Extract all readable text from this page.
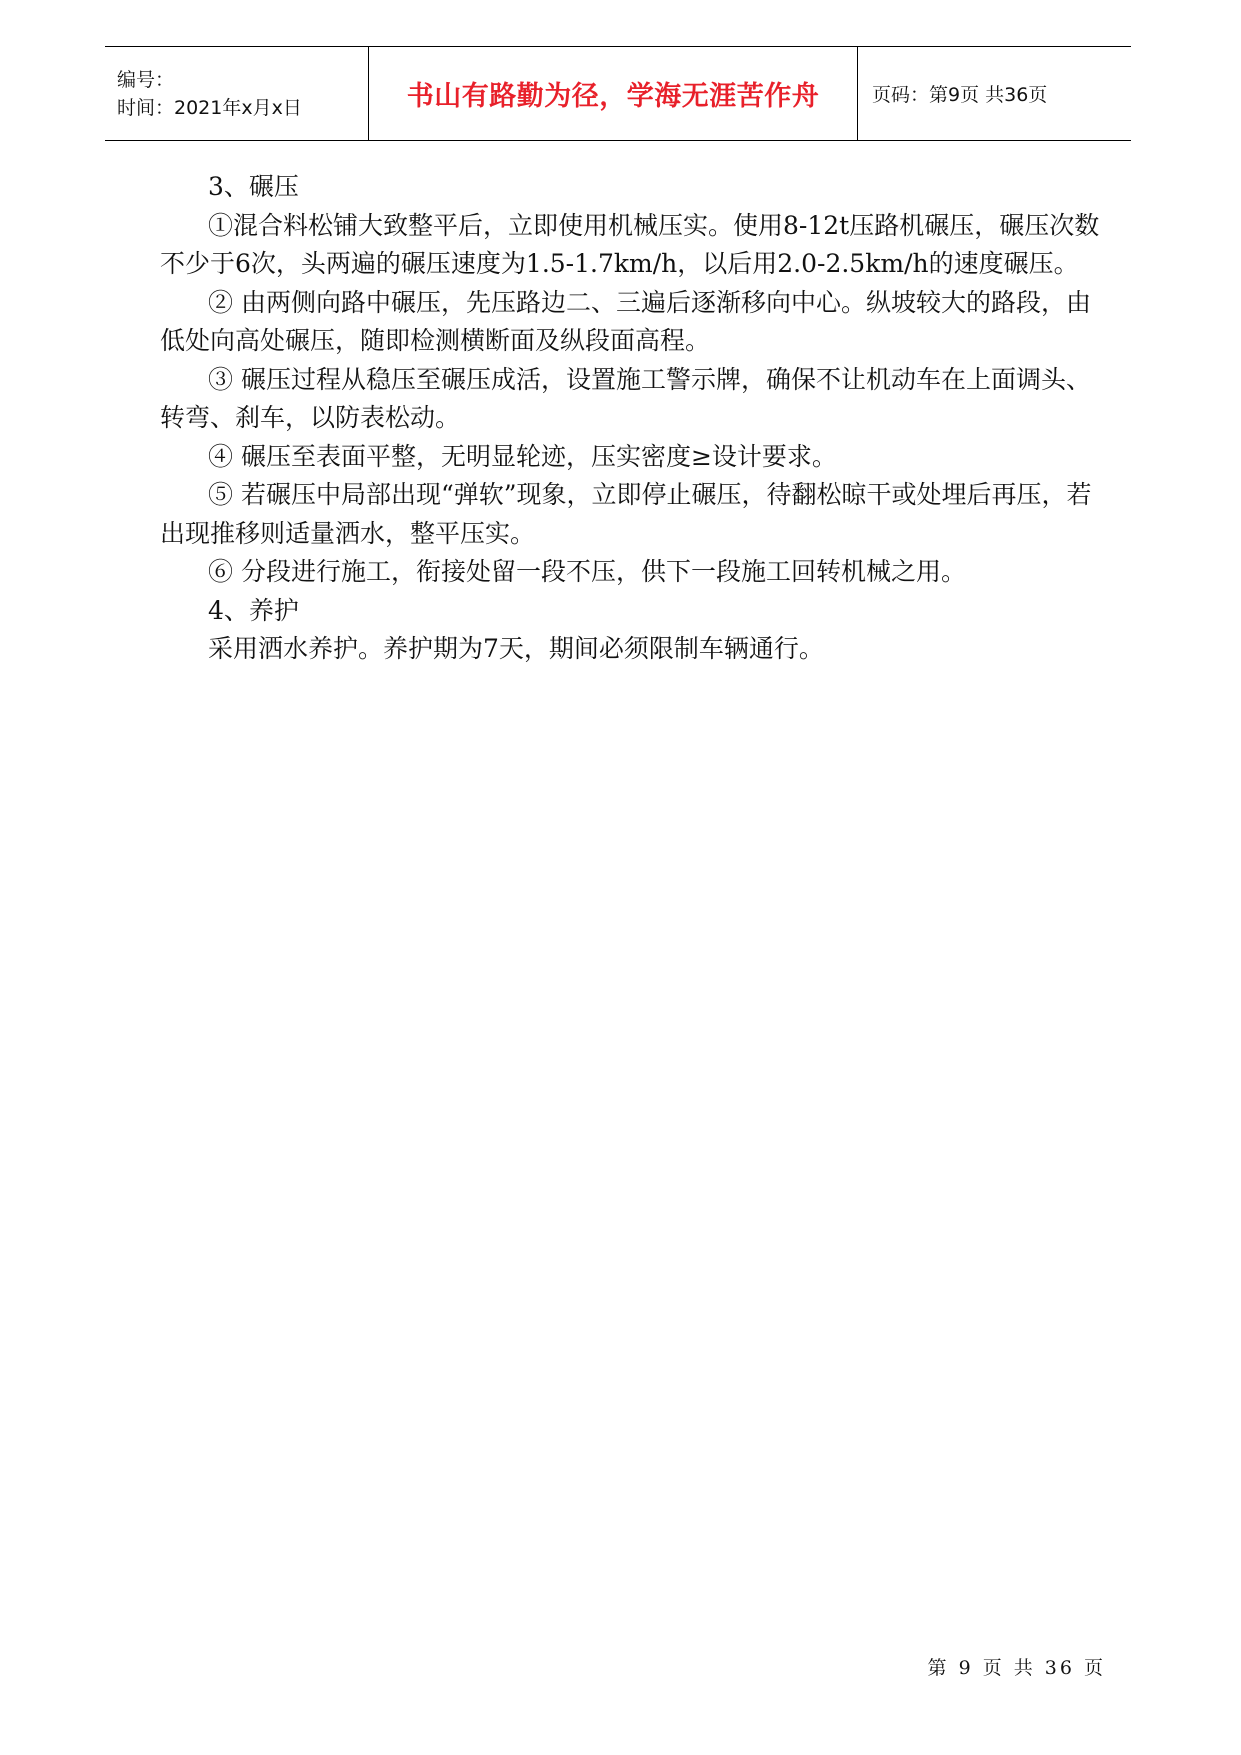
编号：
时间：2021年x月x日	书山有路勤为径，学海无涯苦作舟	页码：第9页 共36页

3、碾压

①混合料松铺大致整平后，立即使用机械压实。使用8-12t压路机碾压，碾压次数不少于6次，头两遍的碾压速度为1.5-1.7km/h，以后用2.0-2.5km/h的速度碾压。

② 由两侧向路中碾压，先压路边二、三遍后逐渐移向中心。纵坡较大的路段，由低处向高处碾压，随即检测横断面及纵段面高程。

③ 碾压过程从稳压至碾压成活，设置施工警示牌，确保不让机动车在上面调头、转弯、刹车，以防表松动。

④ 碾压至表面平整，无明显轮迹，压实密度≥设计要求。

⑤ 若碾压中局部出现“弹软”现象，立即停止碾压，待翻松晾干或处埋后再压，若出现推移则适量洒水，整平压实。

⑥ 分段进行施工，衔接处留一段不压，供下一段施工回转机械之用。

4、养护

采用洒水养护。养护期为7天，期间必须限制车辆通行。

第 9 页 共 36 页
